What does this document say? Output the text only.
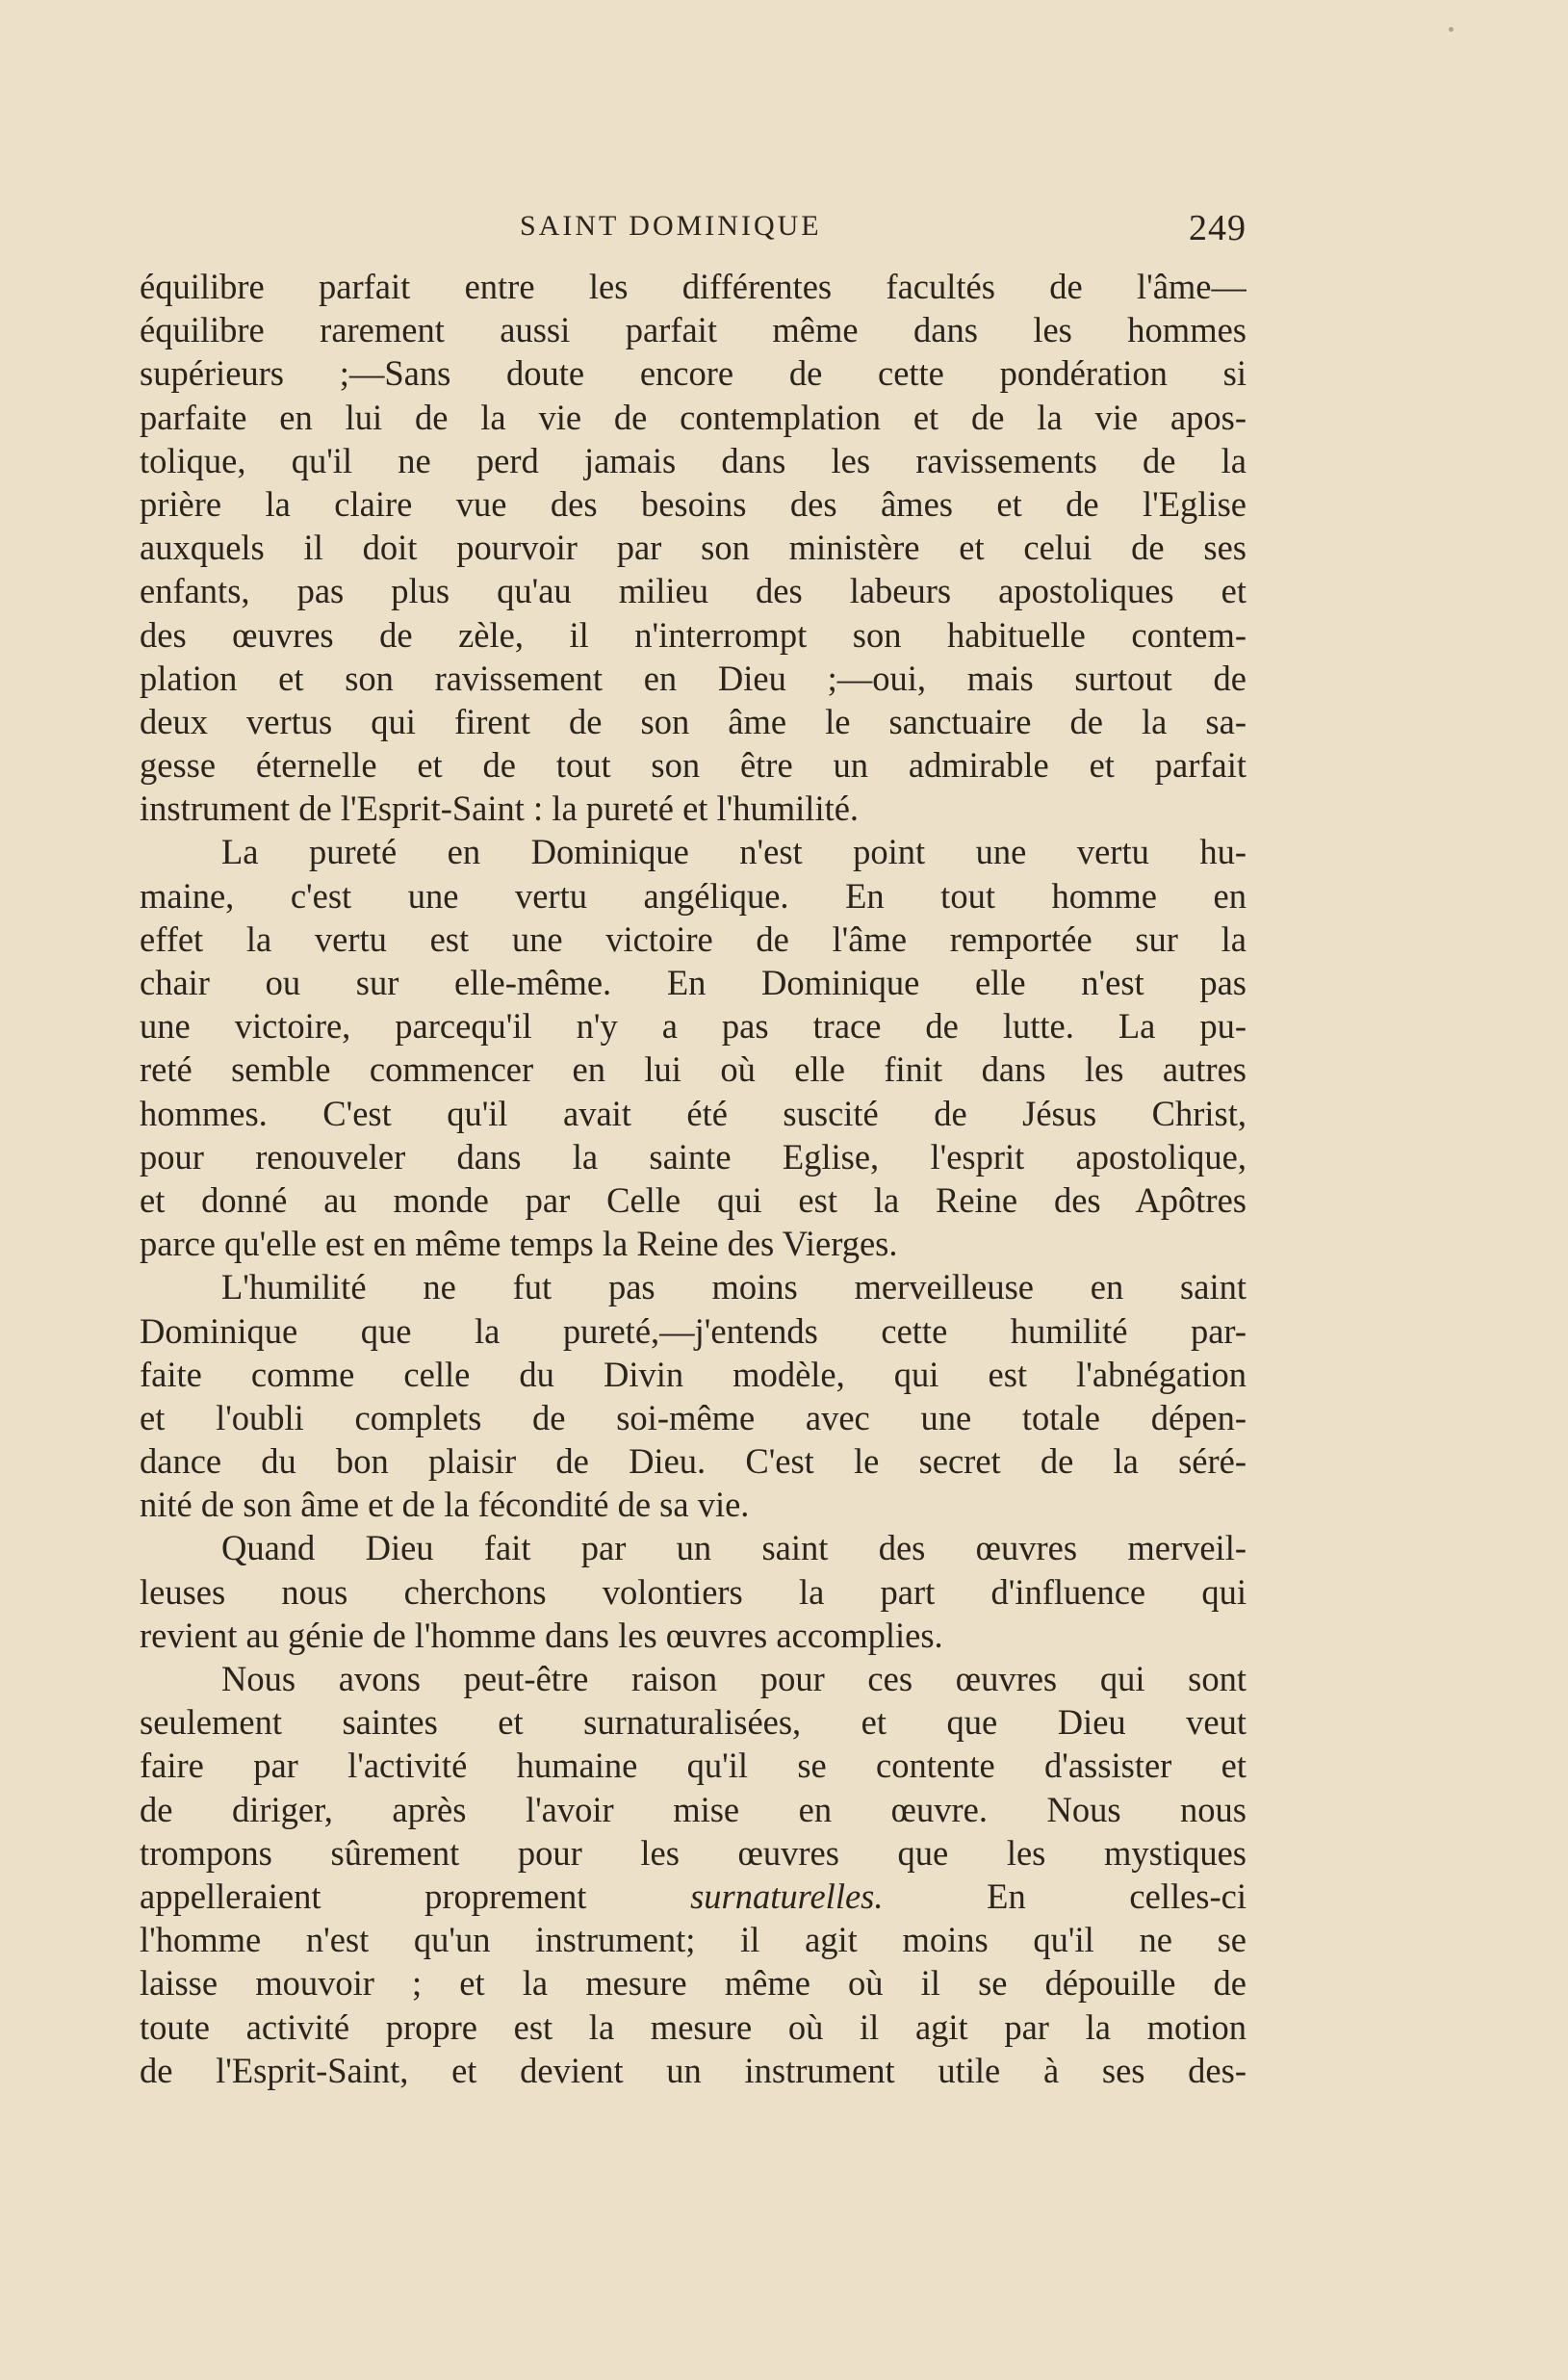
SAINT DOMINIQUE	249
équilibre parfait entre les différentes facultés de l'âme—
équilibre rarement aussi parfait même dans les hommes
supérieurs ;—Sans doute encore de cette pondération si
parfaite en lui de la vie de contemplation et de la vie apos-
tolique, qu'il ne perd jamais dans les ravissements de la
prière la claire vue des besoins des âmes et de l'Eglise
auxquels il doit pourvoir par son ministère et celui de ses
enfants, pas plus qu'au milieu des labeurs apostoliques et
des œuvres de zèle, il n'interrompt son habituelle contem-
plation et son ravissement en Dieu ;—oui, mais surtout de
deux vertus qui firent de son âme le sanctuaire de la sa-
gesse éternelle et de tout son être un admirable et parfait
instrument de l'Esprit-Saint : la pureté et l'humilité.
La pureté en Dominique n'est point une vertu hu-
maine, c'est une vertu angélique. En tout homme en
effet la vertu est une victoire de l'âme remportée sur la
chair ou sur elle-même. En Dominique elle n'est pas
une victoire, parcequ'il n'y a pas trace de lutte. La pu-
reté semble commencer en lui où elle finit dans les autres
hommes. C'est qu'il avait été suscité de Jésus Christ,
pour renouveler dans la sainte Eglise, l'esprit apostolique,
et donné au monde par Celle qui est la Reine des Apôtres
parce qu'elle est en même temps la Reine des Vierges.
L'humilité ne fut pas moins merveilleuse en saint
Dominique que la pureté,—j'entends cette humilité par-
faite comme celle du Divin modèle, qui est l'abnégation
et l'oubli complets de soi-même avec une totale dépen-
dance du bon plaisir de Dieu. C'est le secret de la séré-
nité de son âme et de la fécondité de sa vie.
Quand Dieu fait par un saint des œuvres merveil-
leuses nous cherchons volontiers la part d'influence qui
revient au génie de l'homme dans les œuvres accomplies.
Nous avons peut-être raison pour ces œuvres qui sont
seulement saintes et surnaturalisées, et que Dieu veut
faire par l'activité humaine qu'il se contente d'assister et
de diriger, après l'avoir mise en œuvre. Nous nous
trompons sûrement pour les œuvres que les mystiques
appelleraient proprement surnaturelles. En celles-ci
l'homme n'est qu'un instrument; il agit moins qu'il ne se
laisse mouvoir ; et la mesure même où il se dépouille de
toute activité propre est la mesure où il agit par la motion
de l'Esprit-Saint, et devient un instrument utile à ses des-
